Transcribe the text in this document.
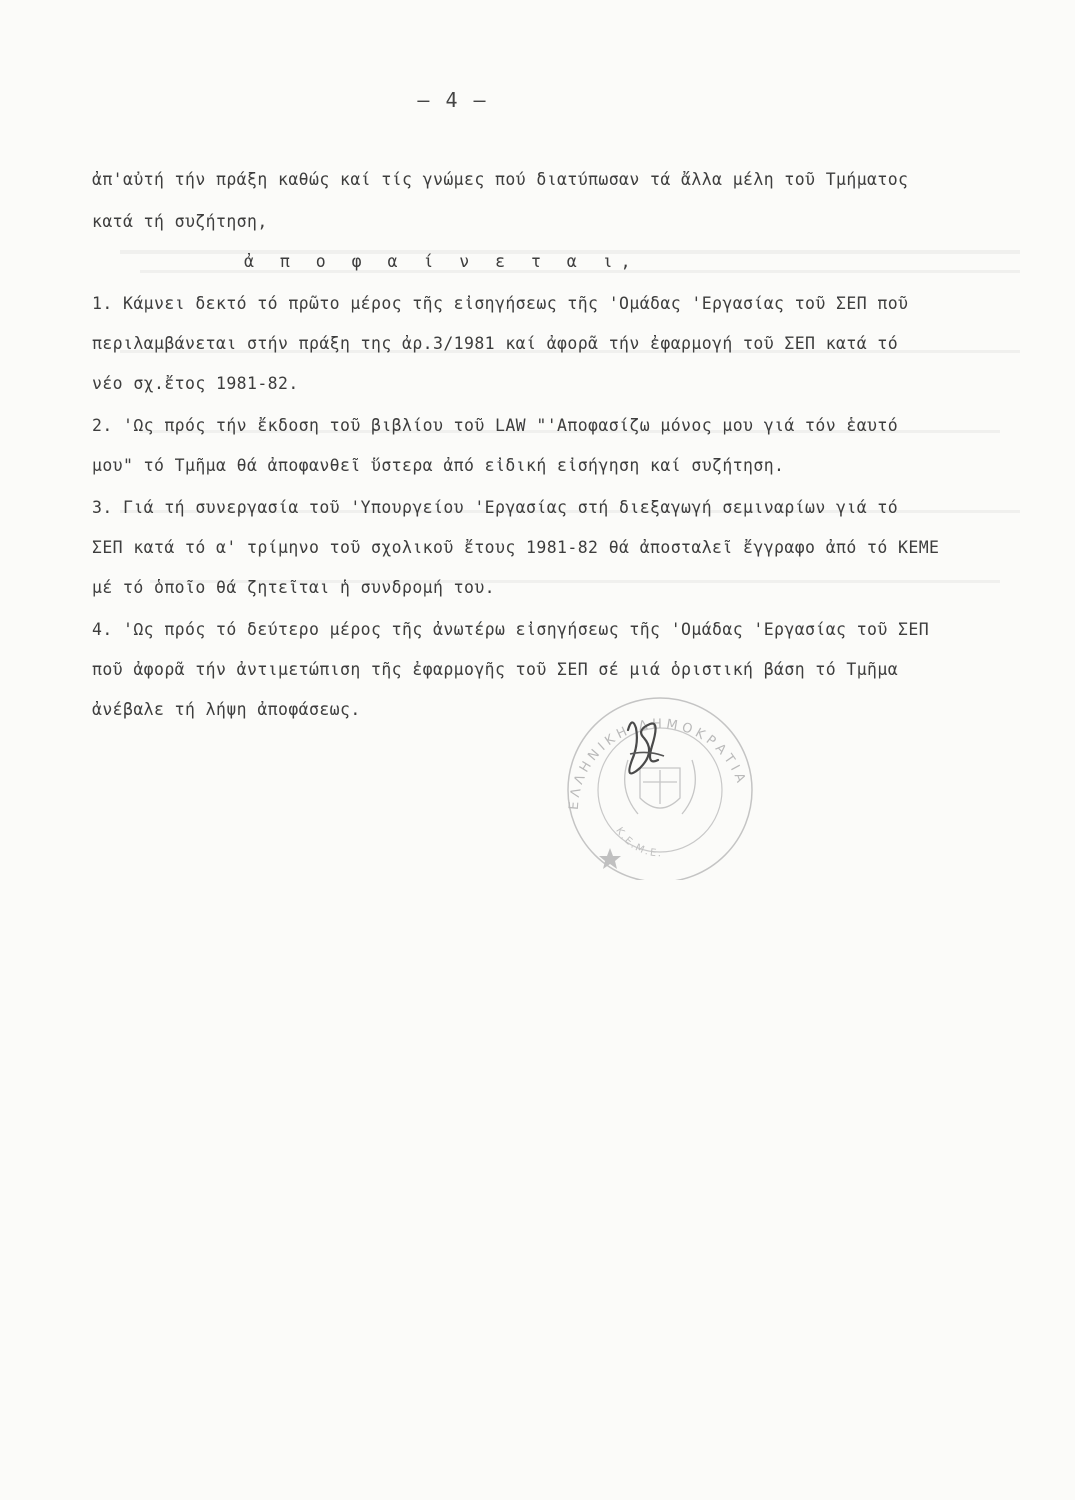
– 4 –
ἀπ'αὐτή τήν πράξη καθώς καί τίς γνώμες πού διατύπωσαν τά ἄλλα μέλη τοῦ Τμήματος
κατά τή συζήτηση,
ἀ π ο φ α ί ν ε τ α ι,
1. Κάμνει δεκτό τό πρῶτο μέρος τῆς εἰσηγήσεως τῆς 'Ομάδας 'Εργασίας τοῦ ΣΕΠ ποῦ
περιλαμβάνεται στήν πράξη της ἀρ.3/1981 καί ἀφορᾶ τήν ἐφαρμογή τοῦ ΣΕΠ κατά τό
νέο σχ.ἔτος 1981-82.
2. 'Ως πρός τήν ἔκδοση τοῦ βιβλίου τοῦ LAW "'Αποφασίζω μόνος μου γιά τόν ἑαυτό
μου" τό Τμῆμα θά ἀποφανθεῖ ὕστερα ἀπό εἰδική εἰσήγηση καί συζήτηση.
3. Γιά τή συνεργασία τοῦ 'Υπουργείου 'Εργασίας στή διεξαγωγή σεμιναρίων γιά τό
ΣΕΠ κατά τό α' τρίμηνο τοῦ σχολικοῦ ἔτους 1981-82 θά ἀποσταλεῖ ἔγγραφο ἀπό τό ΚΕΜΕ
μέ τό ὁποῖο θά ζητεῖται ἡ συνδρομή του.
4. 'Ως πρός τό δεύτερο μέρος τῆς ἀνωτέρω εἰσηγήσεως τῆς 'Ομάδας 'Εργασίας τοῦ ΣΕΠ
ποῦ ἀφορᾶ τήν ἀντιμετώπιση τῆς ἐφαρμογῆς τοῦ ΣΕΠ σέ μιά ὁριστική βάση τό Τμῆμα
ἀνέβαλε τή λήψη ἀποφάσεως.
ΕΛΛΗΝΙΚΗ ΔΗΜΟΚΡΑΤΙΑ
Κ.Ε.Μ.Ε.
